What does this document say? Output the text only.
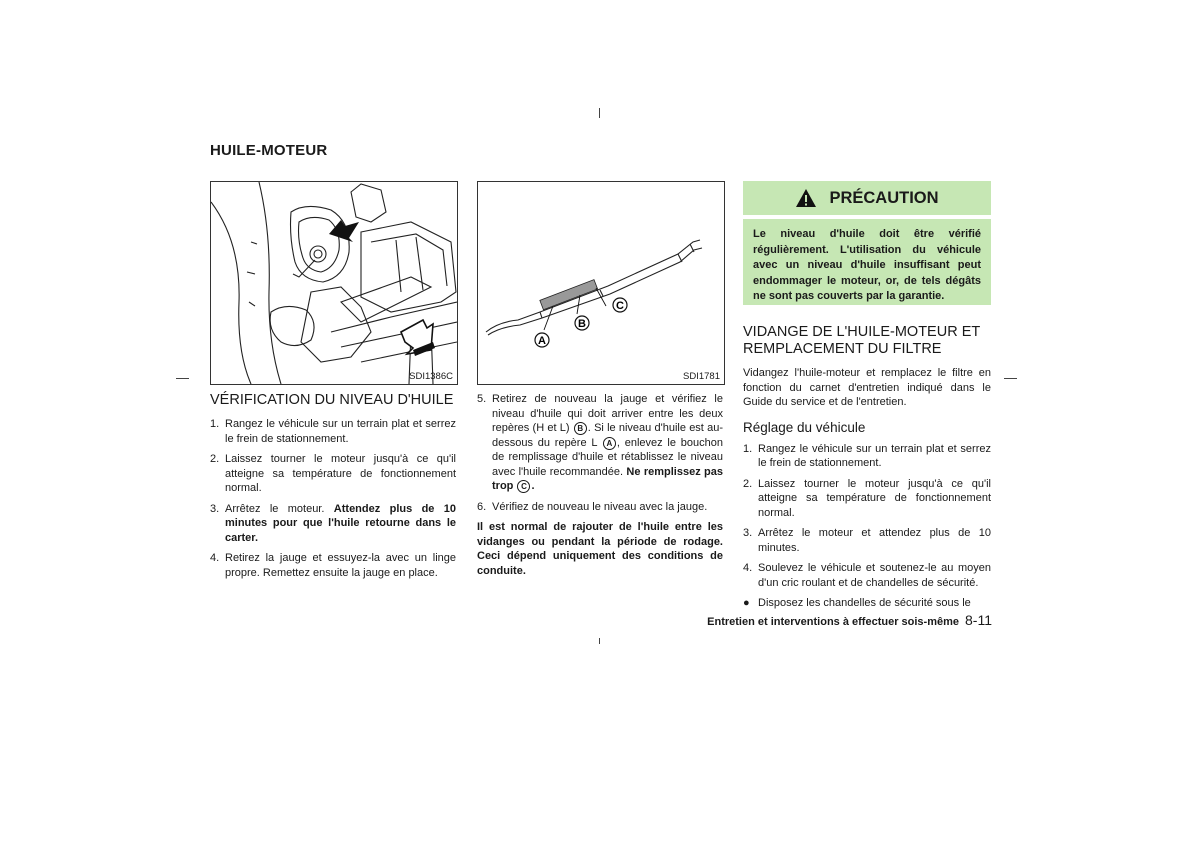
HUILE-MOTEUR
SDI1386C
A
B
C
SDI1781
PRÉCAUTION
Le niveau d'huile doit être vérifié régulièrement. L'utilisation du véhicule avec un niveau d'huile insuffisant peut endommager le moteur, or, de tels dégâts ne sont pas couverts par la garantie.
VÉRIFICATION DU NIVEAU D'HUILE
1. Rangez le véhicule sur un terrain plat et serrez le frein de stationnement.
2. Laissez tourner le moteur jusqu'à ce qu'il atteigne sa température de fonctionnement normal.
3. Arrêtez le moteur. Attendez plus de 10 minutes pour que l'huile retourne dans le carter.
4. Retirez la jauge et essuyez-la avec un linge propre. Remettez ensuite la jauge en place.
5. Retirez de nouveau la jauge et vérifiez le niveau d'huile qui doit arriver entre les deux repères (H et L) B . Si le niveau d'huile est au-dessous du repère L A , enlevez le bouchon de remplissage d'huile et rétablissez le niveau avec l'huile recommandée. Ne remplissez pas trop C .
6. Vérifiez de nouveau le niveau avec la jauge.

Il est normal de rajouter de l'huile entre les vidanges ou pendant la période de rodage. Ceci dépend uniquement des conditions de conduite.

VIDANGE DE L'HUILE-MOTEUR ET REMPLACEMENT DU FILTRE

Vidangez l'huile-moteur et remplacez le filtre en fonction du carnet d'entretien indiqué dans le Guide du service et de l'entretien.

Réglage du véhicule
1. Rangez le véhicule sur un terrain plat et serrez le frein de stationnement.
2. Laissez tourner le moteur jusqu'à ce qu'il atteigne sa température de fonctionnement normal.
3. Arrêtez le moteur et attendez plus de 10 minutes.
4. Soulevez le véhicule et soutenez-le au moyen d'un cric roulant et de chandelles de sécurité.
● Disposez les chandelles de sécurité sous le
Entretien et interventions à effectuer sois-même 8-11
